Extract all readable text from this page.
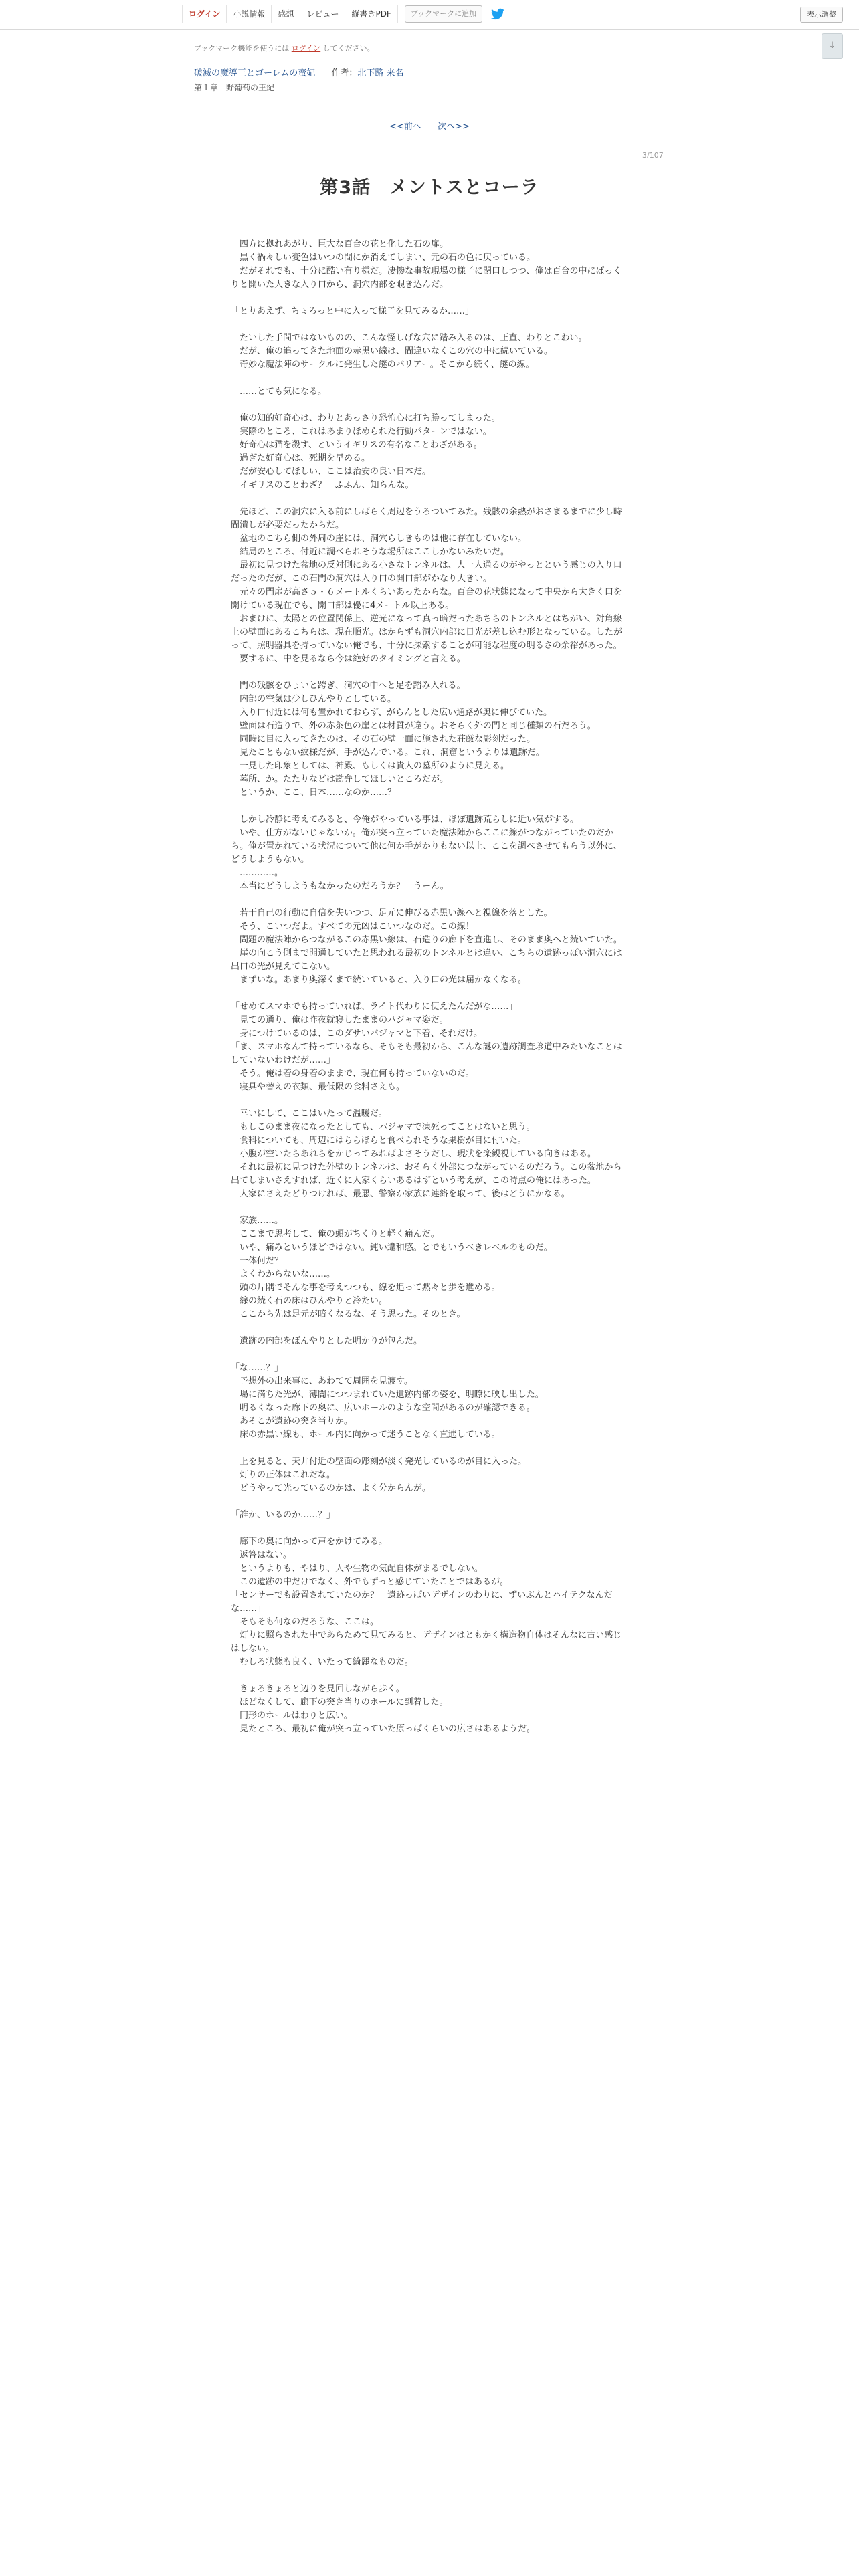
ログイン	小説情報	感想	レビュー	縦書きPDF	ブックマークに追加	表示調整
ブックマーク機能を使うには ログイン してください。	↓
破滅の魔導王とゴーレムの蛮妃 作者：北下路 来名
第１章　野葡萄の王紀
<<前へ 次へ>>
3/107
第3話　メントスとコーラ

　四方に拠れあがり、巨大な百合の花と化した石の扉。

　黒く禍々しい変色はいつの間にか消えてしまい、元の石の色に戻っている。

　だがそれでも、十分に酷い有り様だ。凄惨な事故現場の様子に閉口しつつ、俺は百合の中にぱっくりと開いた大きな入り口から、洞穴内部を覗き込んだ。

「とりあえず、ちょろっと中に入って様子を見てみるか……」

　たいした手間ではないものの、こんな怪しげな穴に踏み入るのは、正直、わりとこわい。

　だが、俺の追ってきた地面の赤黒い線は、間違いなくこの穴の中に続いている。

　奇妙な魔法陣のサークルに発生した謎のバリアー。そこから続く、謎の線。

　……とても気になる。

　俺の知的好奇心は、わりとあっさり恐怖心に打ち勝ってしまった。

　実際のところ、これはあまりほめられた行動パターンではない。

　好奇心は猫を殺す、というイギリスの有名なことわざがある。

　過ぎた好奇心は、死期を早める。

　だが安心してほしい、ここは治安の良い日本だ。

　イギリスのことわざ？　ふふん、知らんな。

　先ほど、この洞穴に入る前にしばらく周辺をうろついてみた。残骸の余熱がおさまるまでに少し時間潰しが必要だったからだ。

　盆地のこちら側の外周の崖には、洞穴らしきものは他に存在していない。

　結局のところ、付近に調べられそうな場所はここしかないみたいだ。

　最初に見つけた盆地の反対側にある小さなトンネルは、人一人通るのがやっとという感じの入り口だったのだが、この石門の洞穴は入り口の開口部がかなり大きい。

　元々の門扉が高さ５・６メートルくらいあったからな。百合の花状態になって中央から大きく口を開けている現在でも、開口部は優に4メートル以上ある。

　おまけに、太陽との位置関係上、逆光になって真っ暗だったあちらのトンネルとはちがい、対角線上の壁面にあるこちらは、現在順光。はからずも洞穴内部に日光が差し込む形となっている。したがって、照明器具を持っていない俺でも、十分に探索することが可能な程度の明るさの余裕があった。

　要するに、中を見るなら今は絶好のタイミングと言える。

　門の残骸をひょいと跨ぎ、洞穴の中へと足を踏み入れる。

　内部の空気は少しひんやりとしている。

　入り口付近には何も置かれておらず、がらんとした広い通路が奥に伸びていた。

　壁面は石造りで、外の赤茶色の崖とは材質が違う。おそらく外の門と同じ種類の石だろう。

　同時に目に入ってきたのは、その石の壁一面に施された荘厳な彫刻だった。

　見たこともない紋様だが、手が込んでいる。これ、洞窟というよりは遺跡だ。

　一見した印象としては、神殿、もしくは貴人の墓所のように見える。

　墓所、か。たたりなどは勘弁してほしいところだが。

　というか、ここ、日本……なのか……？

　しかし冷静に考えてみると、今俺がやっている事は、ほぼ遺跡荒らしに近い気がする。

　いや、仕方がないじゃないか。俺が突っ立っていた魔法陣からここに線がつながっていたのだから。俺が置かれている状況について他に何か手がかりもない以上、ここを調べさせてもらう以外に、どうしようもない。

　…………。

　本当にどうしようもなかったのだろうか？　うーん。

　若干自己の行動に自信を失いつつ、足元に伸びる赤黒い線へと視線を落とした。

　そう、こいつだよ。すべての元凶はこいつなのだ。この線！

　問題の魔法陣からつながるこの赤黒い線は、石造りの廊下を直進し、そのまま奥へと続いていた。

　崖の向こう側まで開通していたと思われる最初のトンネルとは違い、こちらの遺跡っぽい洞穴には出口の光が見えてこない。

　まずいな。あまり奥深くまで続いていると、入り口の光は届かなくなる。

「せめてスマホでも持っていれば、ライト代わりに使えたんだがな……」

　見ての通り、俺は昨夜就寝したままのパジャマ姿だ。

　身につけているのは、このダサいパジャマと下着、それだけ。

「ま、スマホなんて持っているなら、そもそも最初から、こんな謎の遺跡調査珍道中みたいなことはしていないわけだが……」

　そう。俺は着の身着のままで、現在何も持っていないのだ。

　寝具や替えの衣類、最低限の食料さえも。

　幸いにして、ここはいたって温暖だ。

　もしこのまま夜になったとしても、パジャマで凍死ってことはないと思う。

　食料についても、周辺にはちらほらと食べられそうな果樹が目に付いた。

　小腹が空いたらあれらをかじってみればよさそうだし、現状を楽観視している向きはある。

　それに最初に見つけた外壁のトンネルは、おそらく外部につながっているのだろう。この盆地から出てしまいさえすれば、近くに人家くらいあるはずという考えが、この時点の俺にはあった。

　人家にさえたどりつければ、最悪、警察か家族に連絡を取って、後はどうにかなる。

　家族……。

　ここまで思考して、俺の頭がちくりと軽く痛んだ。

　いや、痛みというほどではない。鈍い違和感。とでもいうべきレベルのものだ。

　一体何だ？

　よくわからないな……。

　頭の片隅でそんな事を考えつつも、線を追って黙々と歩を進める。

　線の続く石の床はひんやりと冷たい。

　ここから先は足元が暗くなるな、そう思った。そのとき。

　遺跡の内部をぼんやりとした明かりが包んだ。

「な……？」

　予想外の出来事に、あわてて周囲を見渡す。

　場に満ちた光が、薄闇につつまれていた遺跡内部の姿を、明瞭に映し出した。

　明るくなった廊下の奥に、広いホールのような空間があるのが確認できる。

　あそこが遺跡の突き当りか。

　床の赤黒い線も、ホール内に向かって迷うことなく直進している。

　上を見ると、天井付近の壁面の彫刻が淡く発光しているのが目に入った。

　灯りの正体はこれだな。

　どうやって光っているのかは、よく分からんが。

「誰か、いるのか……？」

　廊下の奥に向かって声をかけてみる。

　返答はない。

　というよりも、やはり、人や生物の気配自体がまるでしない。

　この遺跡の中だけでなく、外でもずっと感じていたことではあるが。

「センサーでも設置されていたのか？　遺跡っぽいデザインのわりに、ずいぶんとハイテクなんだな……」

　そもそも何なのだろうな、ここは。

　灯りに照らされた中であらためて見てみると、デザインはともかく構造物自体はそんなに古い感じはしない。

　むしろ状態も良く、いたって綺麗なものだ。

　きょろきょろと辺りを見回しながら歩く。

　ほどなくして、廊下の突き当りのホールに到着した。

　円形のホールはわりと広い。

　見たところ、最初に俺が突っ立っていた原っぱくらいの広さはあるようだ。
